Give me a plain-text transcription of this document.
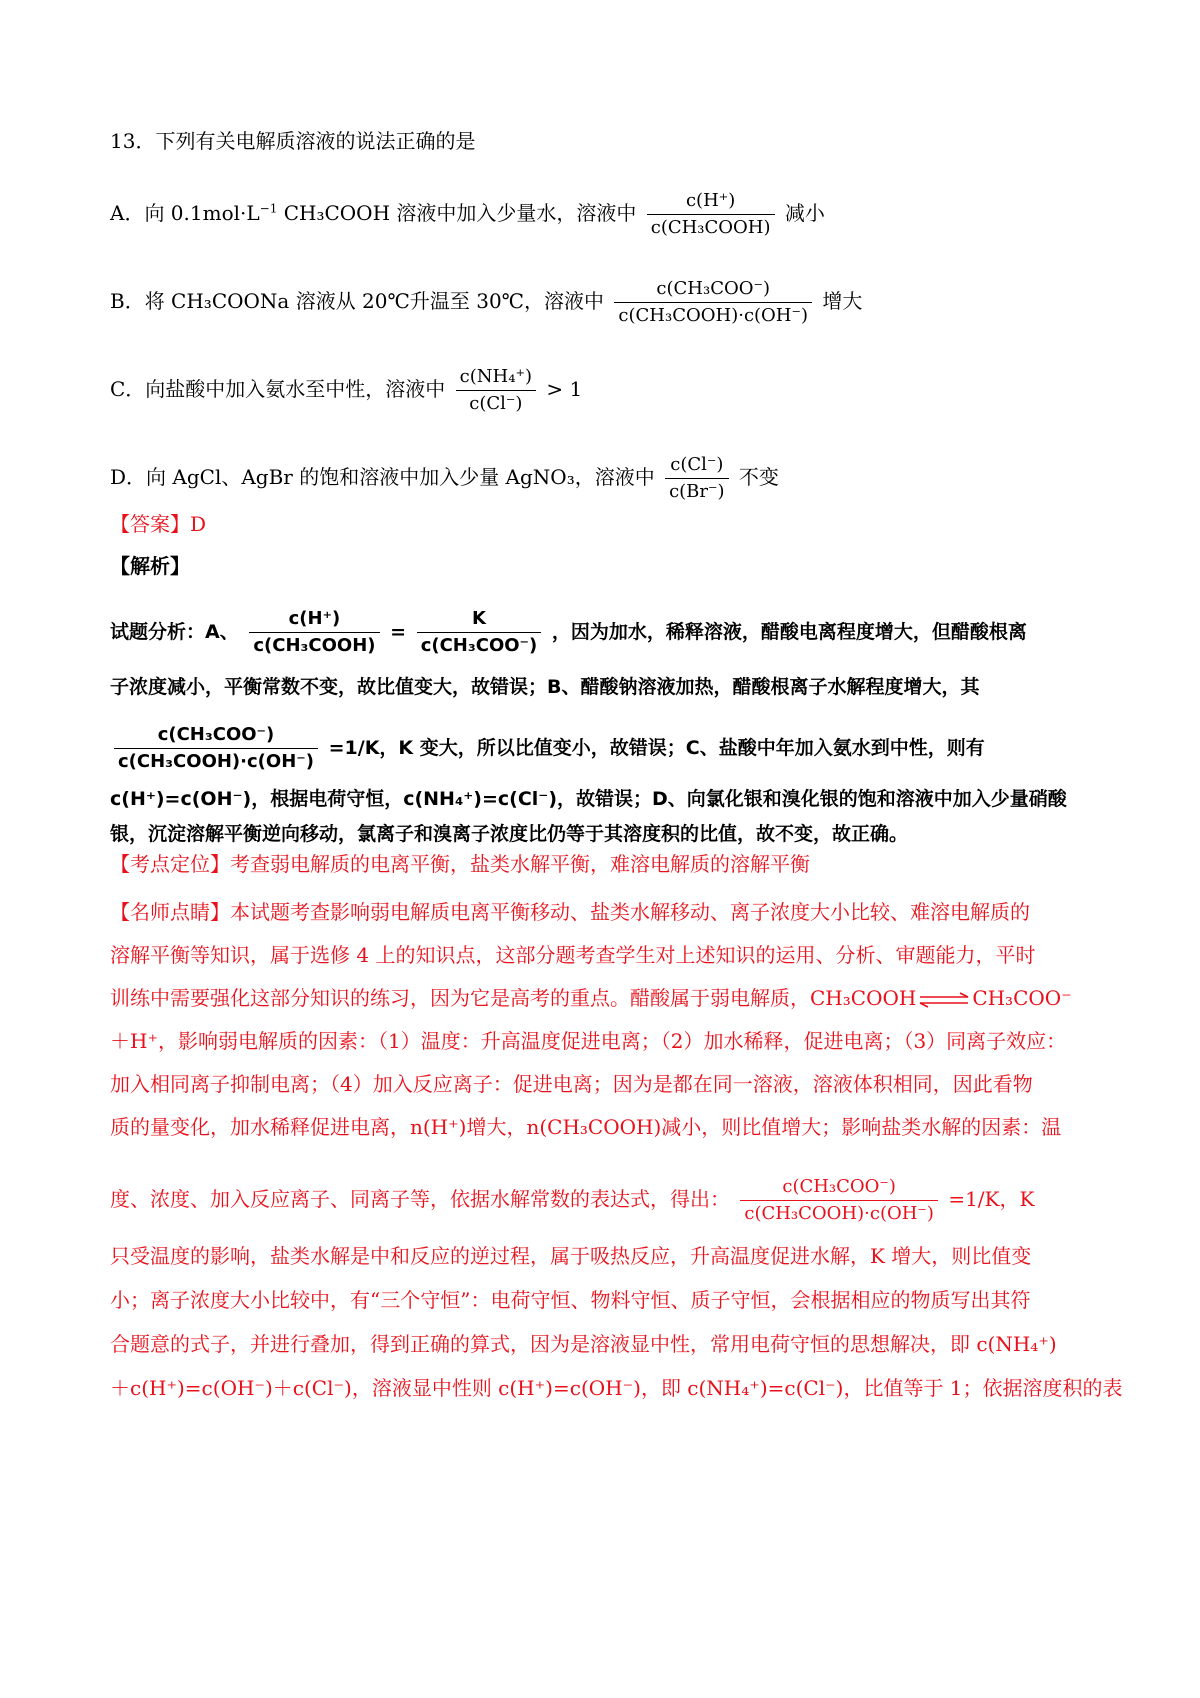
13．下列有关电解质溶液的说法正确的是
A．向 $0.1mol\cdot L^{-1}$ CH₃COOH 溶液中加入少量水，溶液中 $\frac{c(H^+)}{\text{c(CH₃COOH)}}$ 减小
B．将 CH₃COONa 溶液从 20℃升温至 30℃，溶液中 $\frac{\text{c(CH₃COO⁻)}}{\text{c(CH₃COOH)·c(OH⁻)}}$ 增大
C．向盐酸中加入氨水至中性，溶液中 $\frac{\text{c(NH₄⁺)}}{c(Cl^-)} > 1$
D．向 AgCl、AgBr 的饱和溶液中加入少量 AgNO₃，溶液中 $\frac{c(Cl^-)}{c(Br^-)}$ 不变
【答案】D
【解析】
试题分析：A、 $\frac{c(H^+)}{\text{c(CH₃COOH)}} = \frac{K}{\text{c(CH₃COO⁻)}}$ ，因为加水，稀释溶液，醋酸电离程度增大，但醋酸根离
子浓度减小，平衡常数不变，故比值变大，故错误；B、醋酸钠溶液加热，醋酸根离子水解程度增大，其
$\frac{\text{c(CH₃COO⁻)}}{\text{c(CH₃COOH)·c(OH⁻)}} =1/K$，K 变大，所以比值变小，故错误；C、盐酸中年加入氨水到中性，则有
c(H⁺)=c(OH⁻)，根据电荷守恒，c(NH₄⁺)=c(Cl⁻)，故错误；D、向氯化银和溴化银的饱和溶液中加入少量硝酸
银，沉淀溶解平衡逆向移动，氯离子和溴离子浓度比仍等于其溶度积的比值，故不变，故正确。
【考点定位】考查弱电解质的电离平衡，盐类水解平衡，难溶电解质的溶解平衡
【名师点睛】本试题考查影响弱电解质电离平衡移动、盐类水解移动、离子浓度大小比较、难溶电解质的
溶解平衡等知识，属于选修 4 上的知识点，这部分题考查学生对上述知识的运用、分析、审题能力，平时
训练中需要强化这部分知识的练习，因为它是高考的重点。醋酸属于弱电解质，CH₃COOH ⇌ CH₃COO⁻
＋H⁺，影响弱电解质的因素：（1）温度：升高温度促进电离；（2）加水稀释，促进电离；（3）同离子效应：
加入相同离子抑制电离；（4）加入反应离子：促进电离；因为是都在同一溶液，溶液体积相同，因此看物
质的量变化，加水稀释促进电离，n(H⁺)增大，n(CH₃COOH)减小，则比值增大；影响盐类水解的因素：温
度、浓度、加入反应离子、同离子等，依据水解常数的表达式，得出： $\frac{\text{c(CH₃COO⁻)}}{\text{c(CH₃COOH)·c(OH⁻)}} =1/K$，K
只受温度的影响，盐类水解是中和反应的逆过程，属于吸热反应，升高温度促进水解，K 增大，则比值变
小；离子浓度大小比较中，有“三个守恒”：电荷守恒、物料守恒、质子守恒，会根据相应的物质写出其符
合题意的式子，并进行叠加，得到正确的算式，因为是溶液显中性，常用电荷守恒的思想解决，即 c(NH₄⁺)
＋c(H⁺)=c(OH⁻)＋c(Cl⁻)，溶液显中性则 c(H⁺)=c(OH⁻)，即 c(NH₄⁺)=c(Cl⁻)，比值等于 1；依据溶度积的表
